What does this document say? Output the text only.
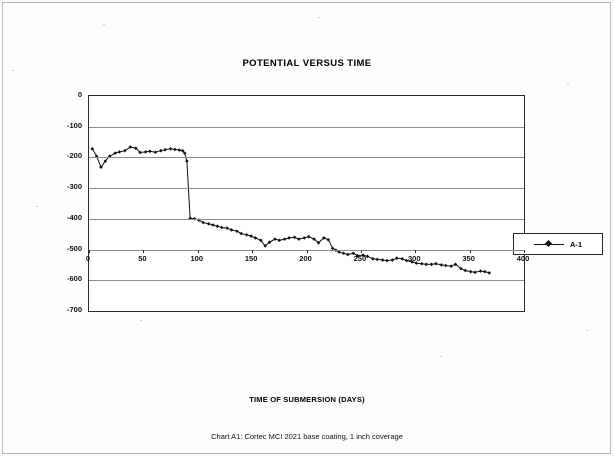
POTENTIAL VERSUS TIME
A-1
TIME OF SUBMERSION (DAYS)
Chart A1: Cortec MCI 2021 base coating, 1 inch coverage
0
-100
-200
-300
-400
-500
-600
-700
0	50	100	150	200	250	300	350	400
